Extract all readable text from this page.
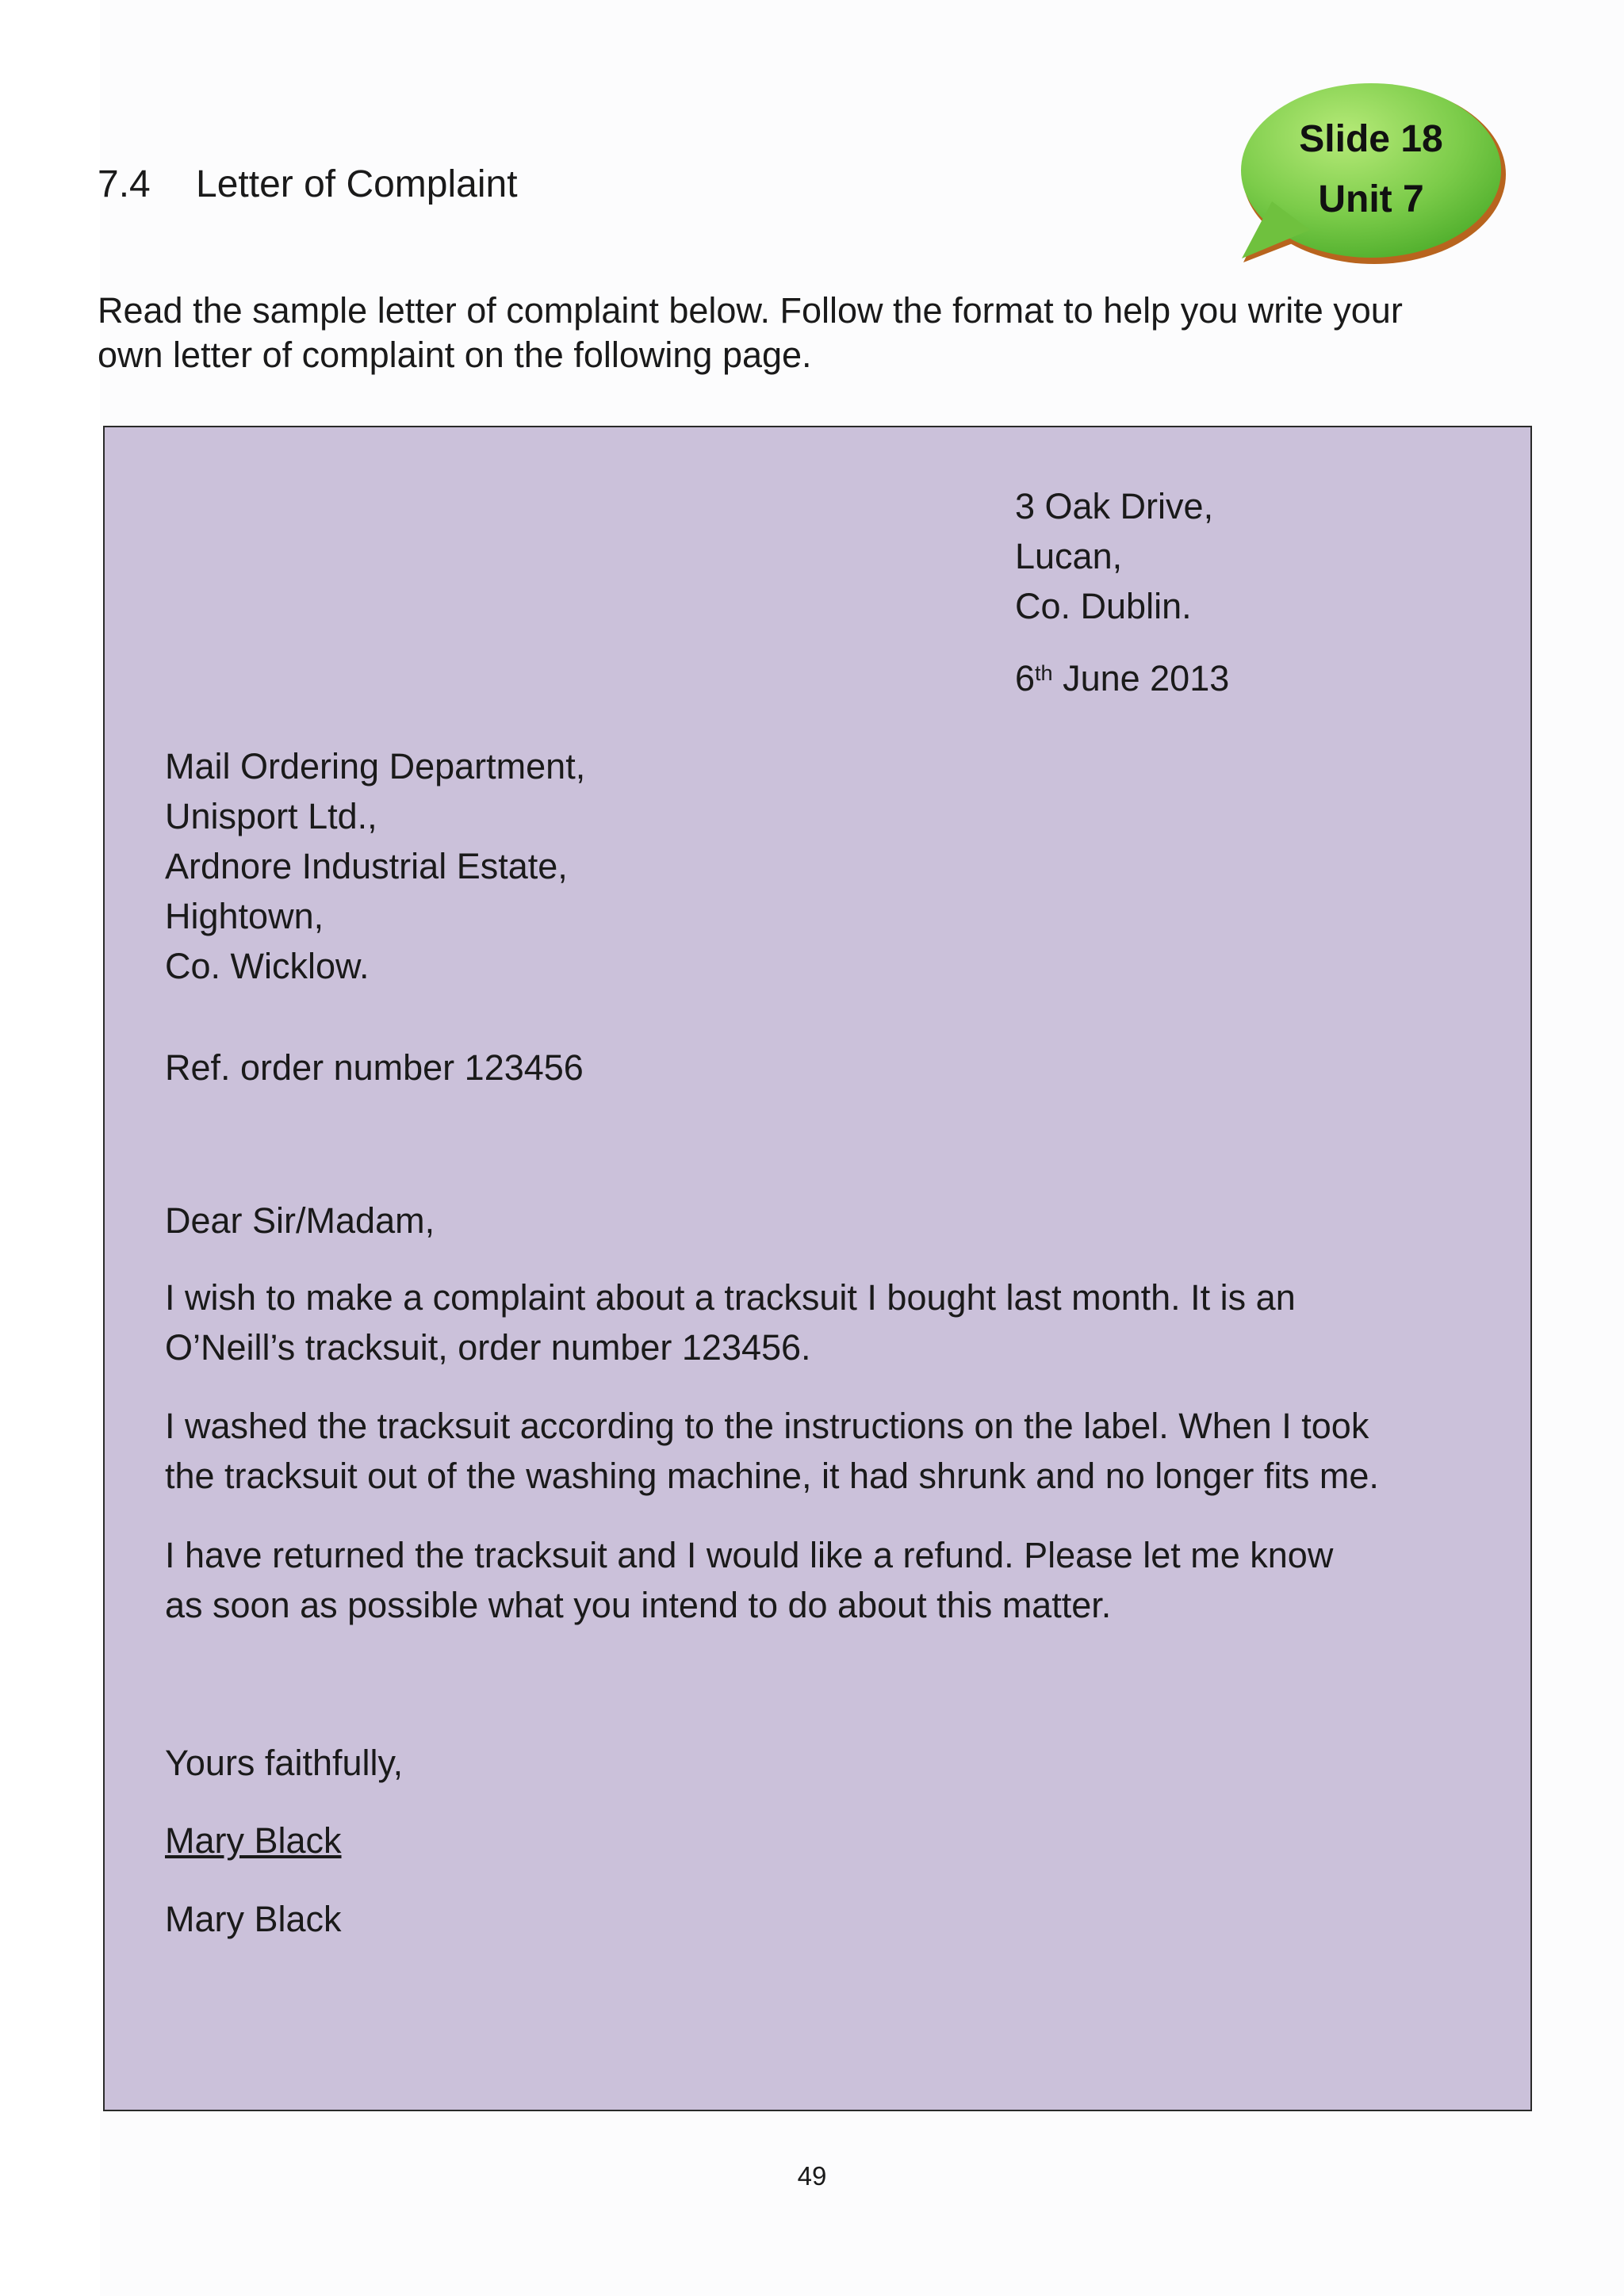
7.4 Letter of Complaint
Slide 18
Unit 7
Read the sample letter of complaint below. Follow the format to help you write your
own letter of complaint on the following page.
3 Oak Drive,
Lucan,
Co. Dublin.
6th June 2013
Mail Ordering Department,
Unisport Ltd.,
Ardnore Industrial Estate,
Hightown,
Co. Wicklow.
Ref. order number 123456
Dear Sir/Madam,
I wish to make a complaint about a tracksuit I bought last month. It is an
O’Neill’s tracksuit, order number 123456.
I washed the tracksuit according to the instructions on the label. When I took
the tracksuit out of the washing machine, it had shrunk and no longer fits me.
I have returned the tracksuit and I would like a refund. Please let me know
as soon as possible what you intend to do about this matter.
Yours faithfully,
Mary Black
Mary Black
49
